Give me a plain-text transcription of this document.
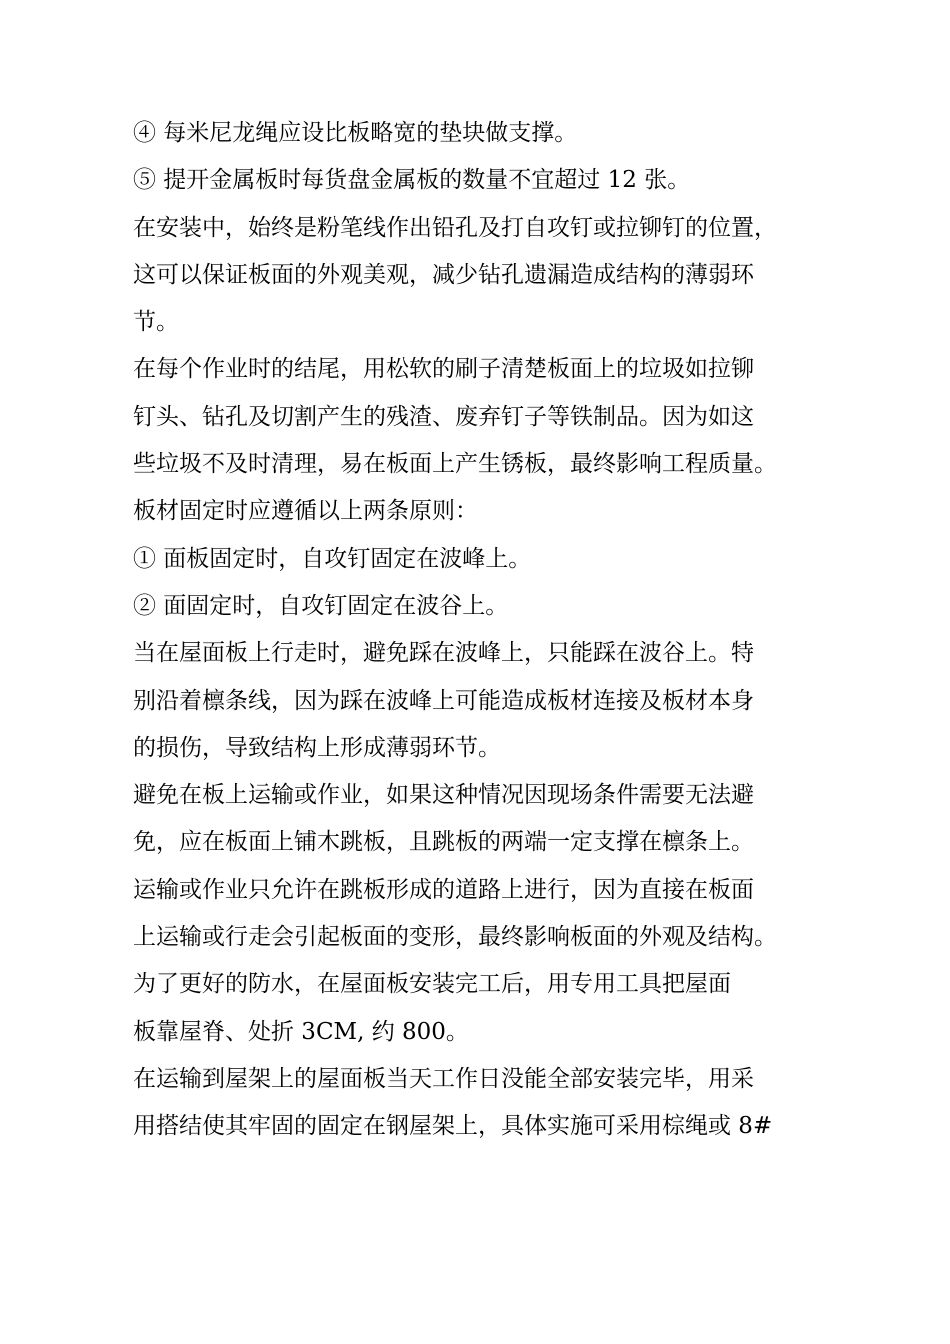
④ 每米尼龙绳应设比板略宽的垫块做支撑。
⑤ 提开金属板时每货盘金属板的数量不宜超过 12 张。
在安装中，始终是粉笔线作出铅孔及打自攻钉或拉铆钉的位置，
这可以保证板面的外观美观，减少钻孔遗漏造成结构的薄弱环
节。
在每个作业时的结尾，用松软的刷子清楚板面上的垃圾如拉铆
钉头、钻孔及切割产生的残渣、废弃钉子等铁制品。因为如这
些垃圾不及时清理，易在板面上产生锈板，最终影响工程质量。
板材固定时应遵循以上两条原则：
① 面板固定时，自攻钉固定在波峰上。
② 面固定时，自攻钉固定在波谷上。
当在屋面板上行走时，避免踩在波峰上，只能踩在波谷上。特
别沿着檩条线，因为踩在波峰上可能造成板材连接及板材本身
的损伤，导致结构上形成薄弱环节。
避免在板上运输或作业，如果这种情况因现场条件需要无法避
免，应在板面上铺木跳板，且跳板的两端一定支撑在檩条上。
运输或作业只允许在跳板形成的道路上进行，因为直接在板面
上运输或行走会引起板面的变形，最终影响板面的外观及结构。
为了更好的防水，在屋面板安装完工后，用专用工具把屋面
板靠屋脊、处折 3CM, 约 800。
在运输到屋架上的屋面板当天工作日没能全部安装完毕，用采
用搭结使其牢固的固定在钢屋架上，具体实施可采用棕绳或 8#
